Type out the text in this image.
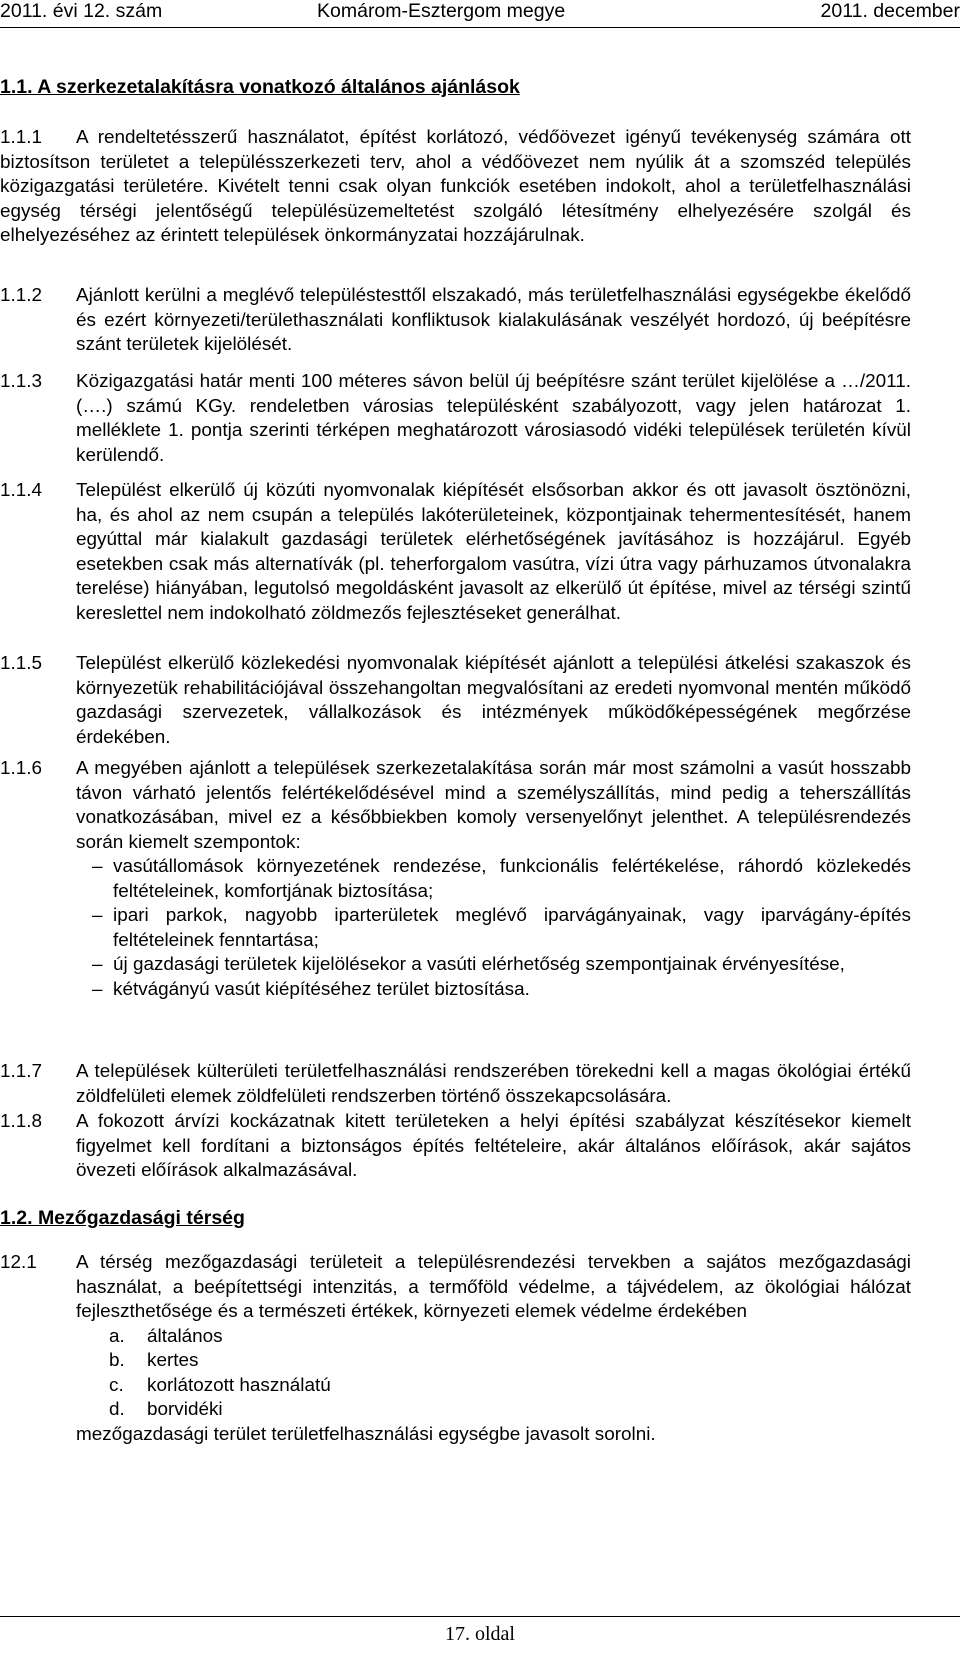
2011. évi 12. szám	Komárom-Esztergom megye	2011. december
1.1. A szerkezetalakításra vonatkozó általános ajánlások
1.1.1	A rendeltetésszerű használatot, építést korlátozó, védőövezet igényű tevékenység számára ott biztosítson területet a településszerkezeti terv, ahol a védőövezet nem nyúlik át a szomszéd település közigazgatási területére. Kivételt tenni csak olyan funkciók esetében indokolt, ahol a területfelhasználási egység térségi jelentőségű településüzemeltetést szolgáló létesítmény elhelyezésére szolgál és elhelyezéséhez az érintett települések önkormányzatai hozzájárulnak.
1.1.2 Ajánlott kerülni a meglévő településtesttől elszakadó, más területfelhasználási egységekbe ékelődő és ezért környezeti/területhasználati konfliktusok kialakulásának veszélyét hordozó, új beépítésre szánt területek kijelölését.
1.1.3 Közigazgatási határ menti 100 méteres sávon belül új beépítésre szánt terület kijelölése a …/2011. (….) számú KGy. rendeletben városias településként szabályozott, vagy jelen határozat 1. melléklete 1. pontja szerinti térképen meghatározott városiasodó vidéki települések területén kívül kerülendő.
1.1.4 Települést elkerülő új közúti nyomvonalak kiépítését elsősorban akkor és ott javasolt ösztönözni, ha, és ahol az nem csupán a település lakóterületeinek, központjainak tehermentesítését, hanem egyúttal már kialakult gazdasági területek elérhetőségének javításához is hozzájárul. Egyéb esetekben csak más alternatívák (pl. teherforgalom vasútra, vízi útra vagy párhuzamos útvonalakra terelése) hiányában, legutolsó megoldásként javasolt az elkerülő út építése, mivel az térségi szintű kereslettel nem indokolható zöldmezős fejlesztéseket generálhat.
1.1.5 Települést elkerülő közlekedési nyomvonalak kiépítését ajánlott a települési átkelési szakaszok és környezetük rehabilitációjával összehangoltan megvalósítani az eredeti nyomvonal mentén működő gazdasági szervezetek, vállalkozások és intézmények működőképességének megőrzése érdekében.
1.1.6 A megyében ajánlott a települések szerkezetalakítása során már most számolni a vasút hosszabb távon várható jelentős felértékelődésével mind a személyszállítás, mind pedig a teherszállítás vonatkozásában, mivel ez a későbbiekben komoly versenyelőnyt jelenthet. A településrendezés során kiemelt szempontok:
– vasútállomások környezetének rendezése, funkcionális felértékelése, ráhordó közlekedés feltételeinek, komfortjának biztosítása;
– ipari parkok, nagyobb iparterületek meglévő iparvágányainak, vagy iparvágány-építés feltételeinek fenntartása;
– új gazdasági területek kijelölésekor a vasúti elérhetőség szempontjainak érvényesítése,
– kétvágányú vasút kiépítéséhez terület biztosítása.
1.1.7 A települések külterületi területfelhasználási rendszerében törekedni kell a magas ökológiai értékű zöldfelületi elemek zöldfelületi rendszerben történő összekapcsolására.
1.1.8 A fokozott árvízi kockázatnak kitett területeken a helyi építési szabályzat készítésekor kiemelt figyelmet kell fordítani a biztonságos építés feltételeire, akár általános előírások, akár sajátos övezeti előírások alkalmazásával.
1.2. Mezőgazdasági térség
12.1 A térség mezőgazdasági területeit a településrendezési tervekben a sajátos mezőgazdasági használat, a beépítettségi intenzitás, a termőföld védelme, a tájvédelem, az ökológiai hálózat fejleszthetősége és a természeti értékek, környezeti elemek védelme érdekében
a. általános
b. kertes
c. korlátozott használatú
d. borvidéki
mezőgazdasági terület területfelhasználási egységbe javasolt sorolni.
17. oldal
